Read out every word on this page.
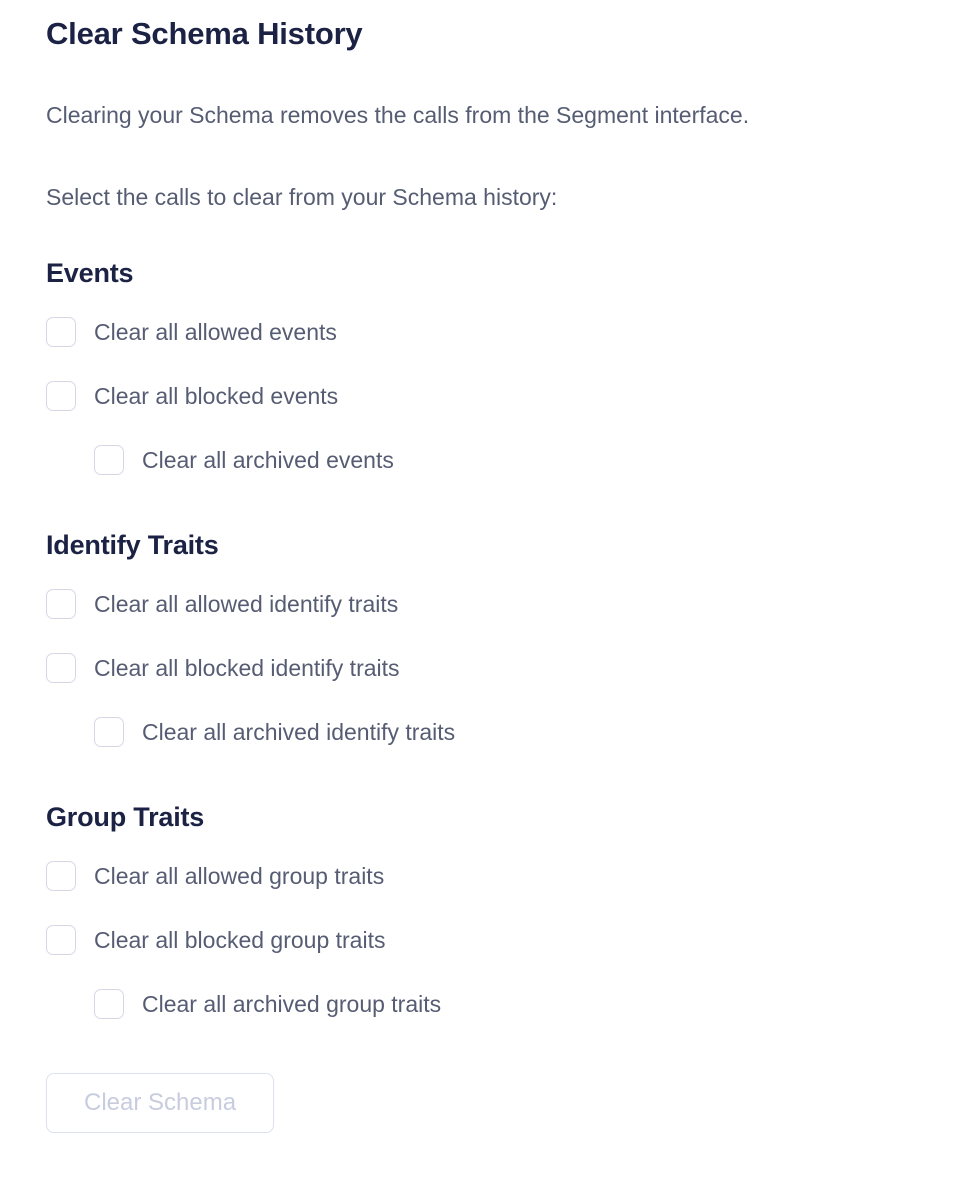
Clear Schema History

Clearing your Schema removes the calls from the Segment interface.

Select the calls to clear from your Schema history:

Events
Clear all allowed events
Clear all blocked events
Clear all archived events
Identify Traits
Clear all allowed identify traits
Clear all blocked identify traits
Clear all archived identify traits
Group Traits
Clear all allowed group traits
Clear all blocked group traits
Clear all archived group traits
Clear Schema
